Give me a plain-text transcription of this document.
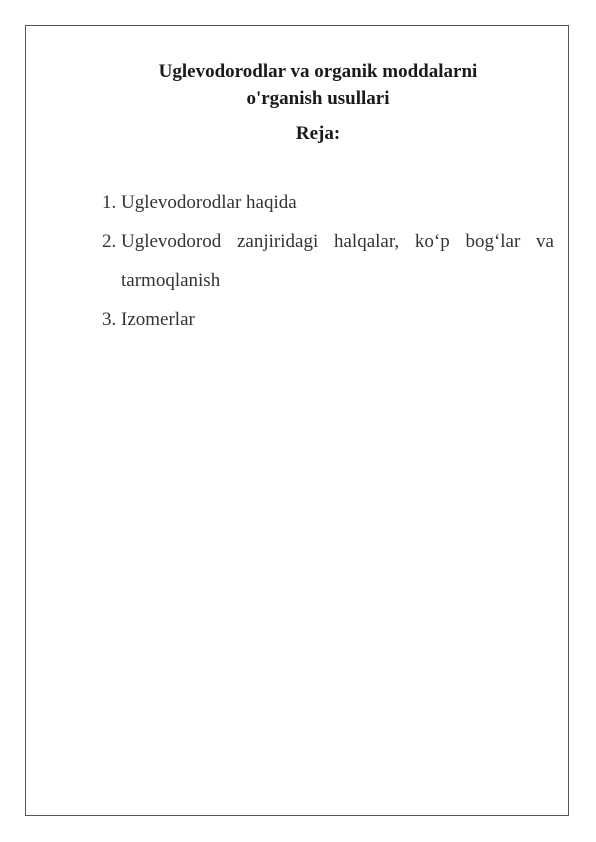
Uglevodorodlar va organik moddalarni
o'rganish usullari
Reja:
1. Uglevodorodlar haqida
2. Uglevodorod zanjiridagi halqalar, ko‘p bog‘lar va tarmoqlanish
3. Izomerlar
